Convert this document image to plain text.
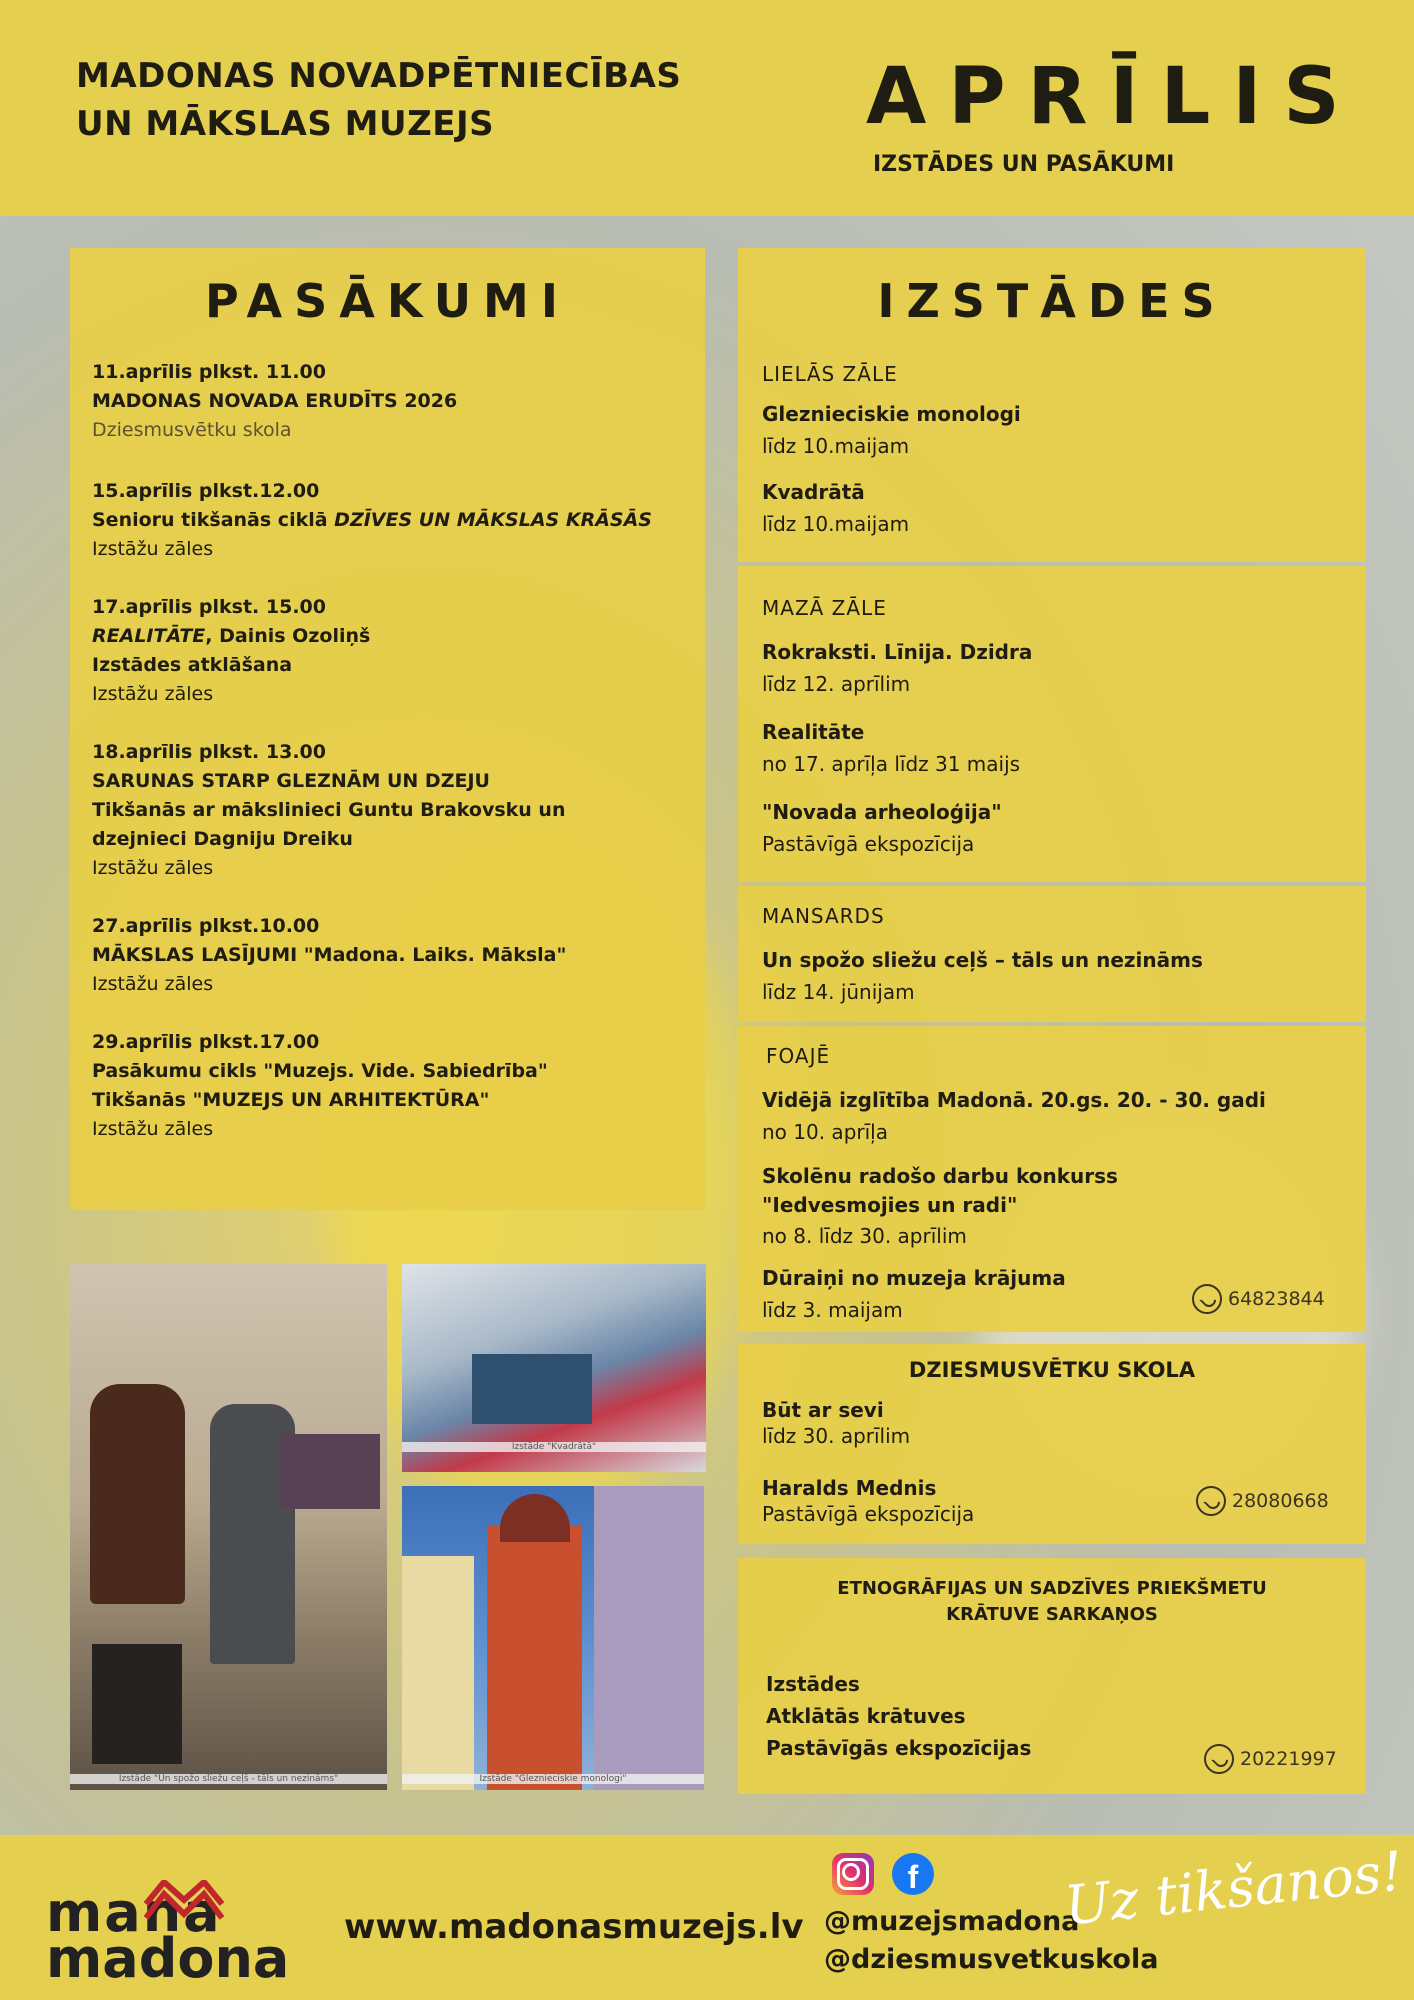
MADONAS NOVADPĒTNIECĪBAS
UN MĀKSLAS MUZEJS	APRĪLIS
IZSTĀDES UN PASĀKUMI
PASĀKUMI
11.aprīlis plkst. 11.00
MADONAS NOVADA ERUDĪTS 2026
Dziesmusvētku skola
15.aprīlis plkst.12.00
Senioru tikšanās ciklā DZĪVES UN MĀKSLAS KRĀSĀS
Izstāžu zāles
17.aprīlis plkst. 15.00
REALITĀTE, Dainis Ozoliņš
Izstādes atklāšana
Izstāžu zāles
18.aprīlis plkst. 13.00
SARUNAS STARP GLEZNĀM UN DZEJU
Tikšanās ar mākslinieci Guntu Brakovsku un
dzejnieci Dagniju Dreiku
Izstāžu zāles
27.aprīlis plkst.10.00
MĀKSLAS LASĪJUMI "Madona. Laiks. Māksla"
Izstāžu zāles
29.aprīlis plkst.17.00
Pasākumu cikls "Muzejs. Vide. Sabiedrība"
Tikšanās "MUZEJS UN ARHITEKTŪRA"
Izstāžu zāles
Izstāde "Un spožo sliežu ceļš - tāls un nezināms"
Izstāde "Kvadrātā"
Izstāde "Gleznieciskie monologi"
IZSTĀDES
LIELĀS ZĀLE
Gleznieciskie monologi
līdz 10.maijam
Kvadrātā
līdz 10.maijam
MAZĀ ZĀLE
Rokraksti. Līnija. Dzidra
līdz 12. aprīlim
Realitāte
no 17. aprīļa līdz 31 maijs
"Novada arheoloģija"
Pastāvīgā ekspozīcija
MANSARDS
Un spožo sliežu ceļš – tāls un nezināms
līdz 14. jūnijam
FOAJĒ
Vidējā izglītība Madonā. 20.gs. 20. - 30. gadi
no 10. aprīļa
Skolēnu radošo darbu konkurss
"Iedvesmojies un radi"
no 8. līdz 30. aprīlim
Dūraiņi no muzeja krājuma
līdz 3. maijam	64823844
DZIESMUSVĒTKU SKOLA
Būt ar sevi
līdz 30. aprīlim
Haralds Mednis
Pastāvīgā ekspozīcija
28080668
ETNOGRĀFIJAS UN SADZĪVES PRIEKŠMETU
KRĀTUVE SARKAŅOS
Izstādes
Atklātās krātuves
Pastāvīgās ekspozīcijas	20221997
mana
madona www.madonasmuzejs.lv
f
@muzejsmadona
@dziesmusvetkuskola
Uz tikšanos!
